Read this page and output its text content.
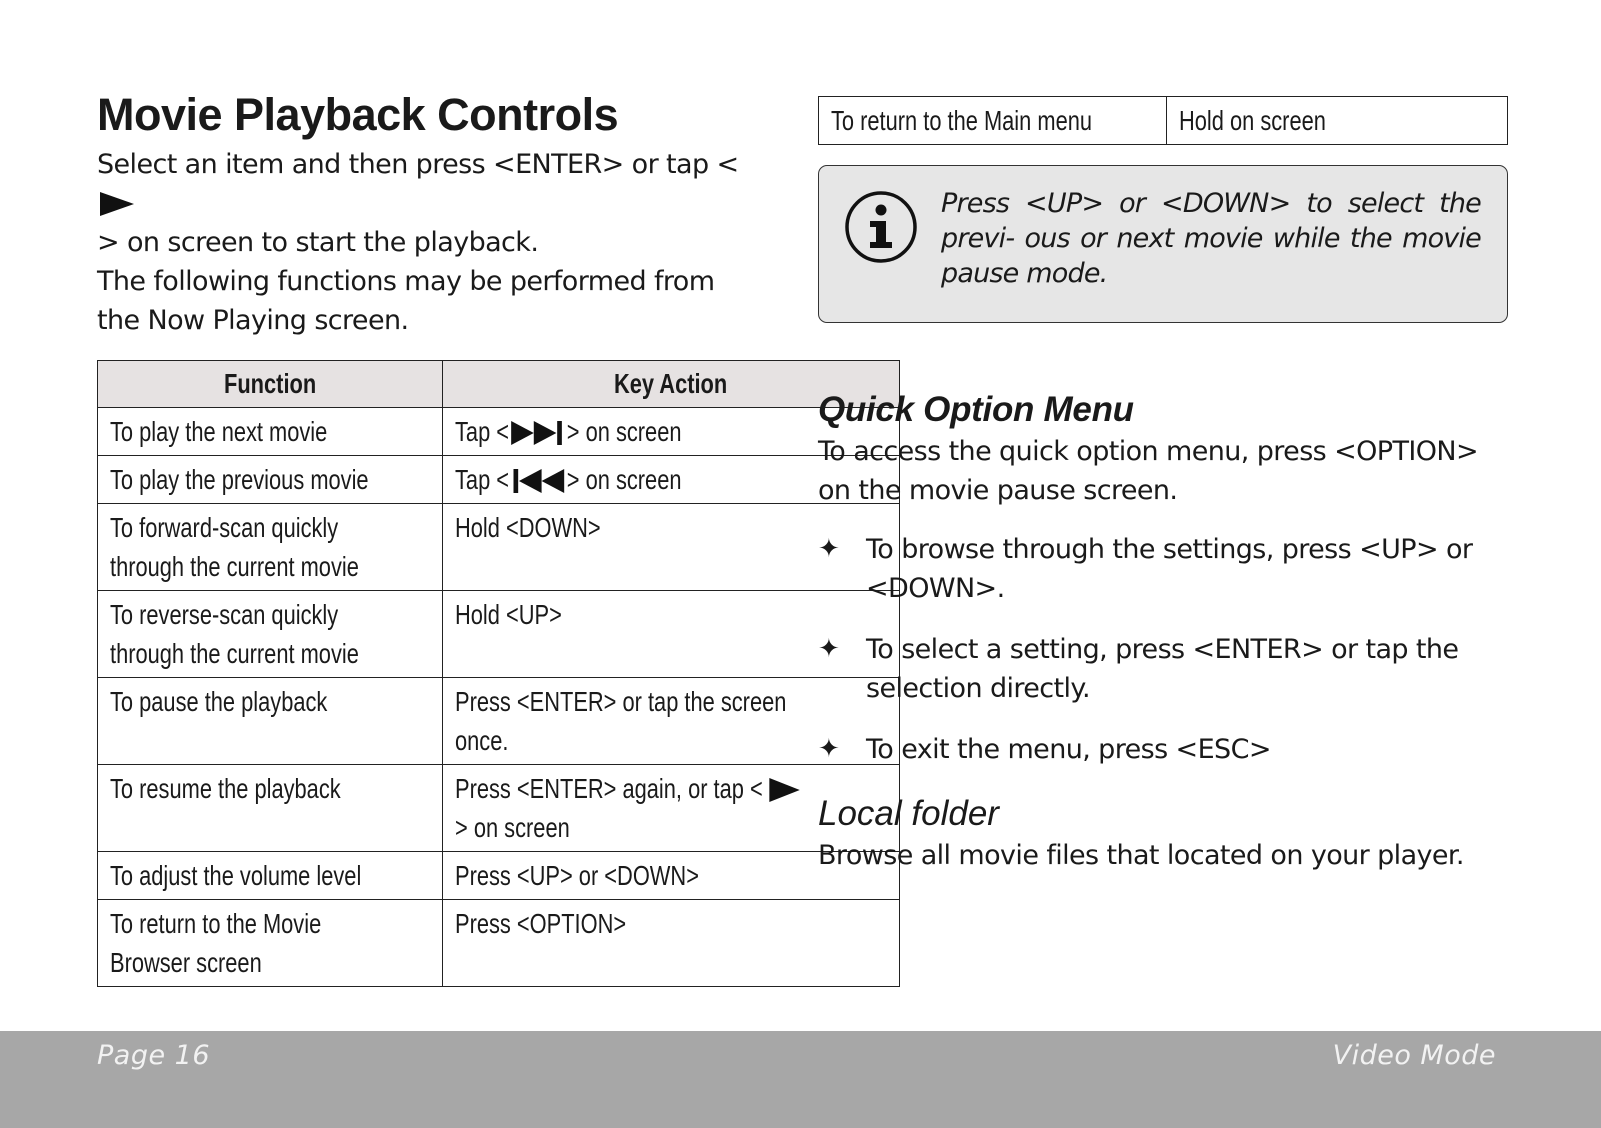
Movie Playback Controls

Select an item and then press <ENTER> or tap <
> on screen to start the playback.

The following functions may be performed from
the Now Playing screen.

Function	Key Action

To play the next movie	Tap < > on screen

To play the previous movie	Tap < > on screen

To forward-scan quickly
through the current movie	Hold <DOWN>

To reverse-scan quickly
through the current movie	Hold <UP>

To pause the playback	Press <ENTER> or tap the screen
once.

To resume the playback	Press <ENTER> again, or tap <
> on screen

To adjust the volume level	Press <UP> or <DOWN>

To return to the Movie
Browser screen	Press <OPTION>
To return to the Main menu	Hold on screen
Press <UP> or <DOWN> to select the previ- ous or next movie while the movie pause mode.
Quick Option Menu

To access the quick option menu, press <OPTION>
on the movie pause screen.

✦ To browse through the settings, press <UP> or
<DOWN>.
✦ To select a setting, press <ENTER> or tap the
selection directly.
✦ To exit the menu, press <ESC>
Local folder

Browse all movie files that located on your player.

Page 16	Video Mode
